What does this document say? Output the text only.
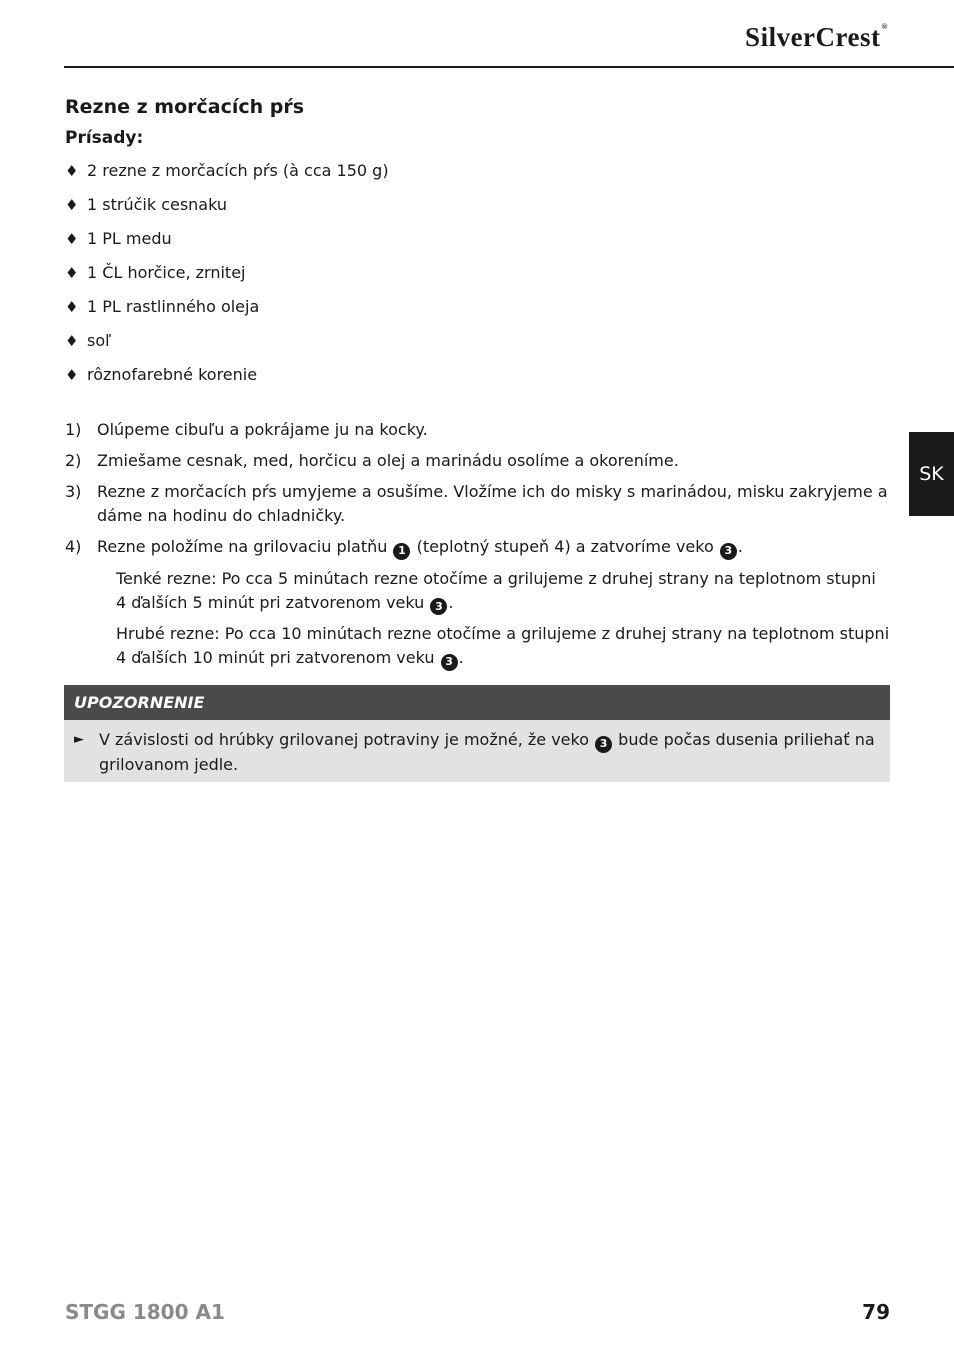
SilverCrest®
SK
Rezne z morčacích pŕs
Prísady:
♦ 2 rezne z morčacích pŕs (à cca 150 g)
♦ 1 strúčik cesnaku
♦ 1 PL medu
♦ 1 ČL horčice, zrnitej
♦ 1 PL rastlinného oleja
♦ soľ
♦ rôznofarebné korenie
1) Olúpeme cibuľu a pokrájame ju na kocky.
2) Zmiešame cesnak, med, horčicu a olej a marinádu osolíme a okoreníme.
3) Rezne z morčacích pŕs umyjeme a osušíme. Vložíme ich do misky s marinádou, misku zakryjeme a dáme na hodinu do chladničky.
4) Rezne položíme na grilovaciu platňu 1 (teplotný stupeň 4) a zatvoríme veko 3 .
Tenké rezne: Po cca 5 minútach rezne otočíme a grilujeme z druhej strany na teplotnom stupni 4 ďalších 5 minút pri zatvorenom veku 3 .
Hrubé rezne: Po cca 10 minútach rezne otočíme a grilujeme z druhej strany na teplotnom stupni 4 ďalších 10 minút pri zatvorenom veku 3 .
UPOZORNENIE
► V závislosti od hrúbky grilovanej potraviny je možné, že veko 3 bude počas dusenia priliehať na grilovanom jedle.
STGG 1800 A1	79
